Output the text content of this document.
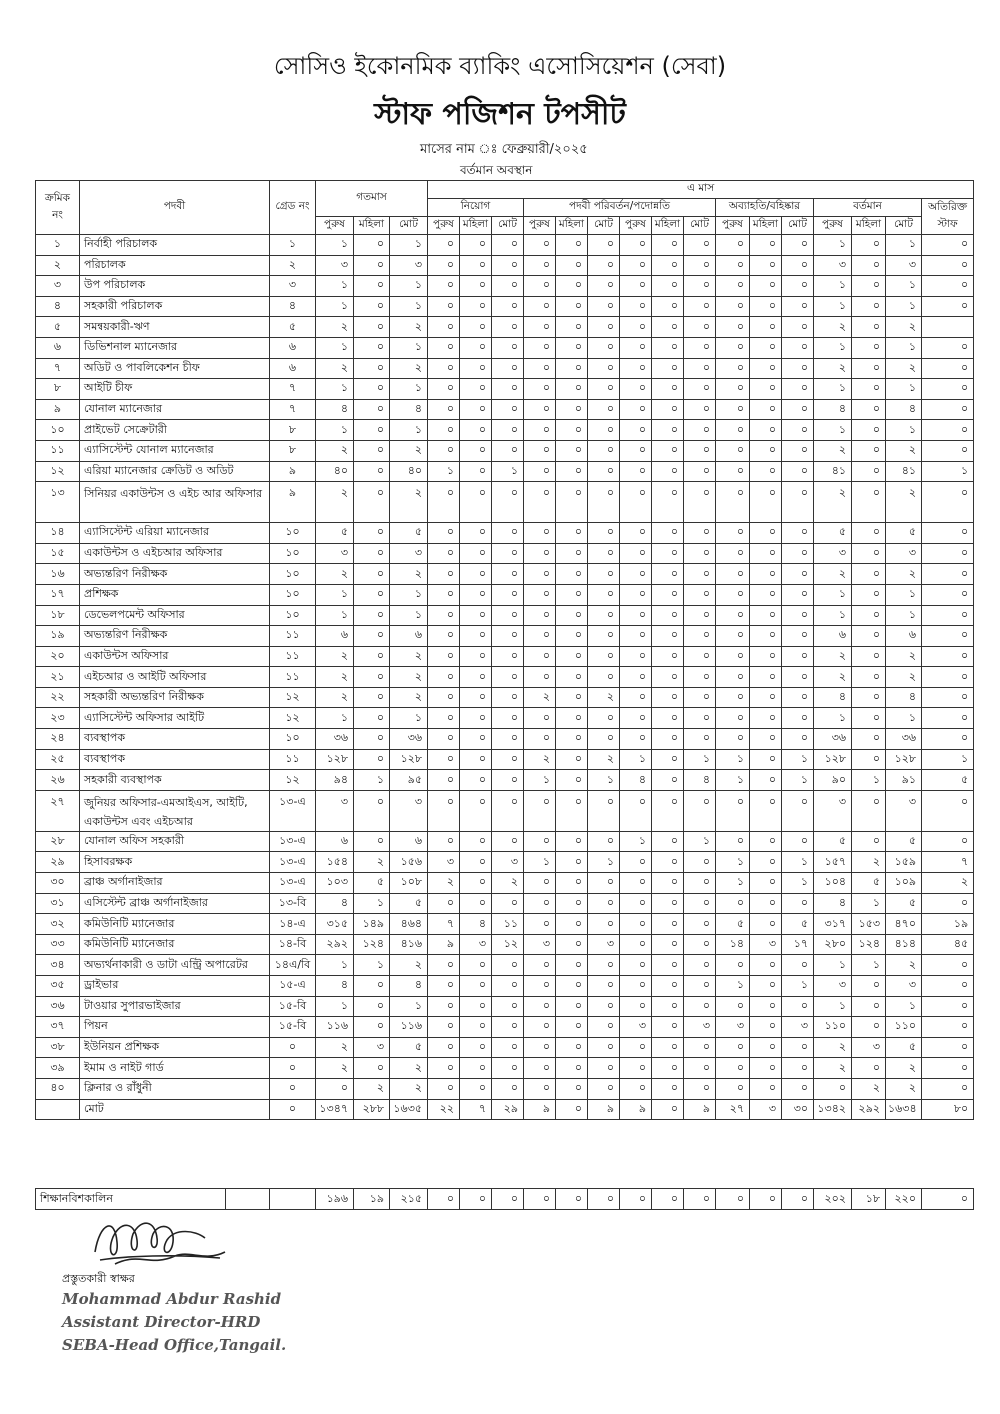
সোসিও ইকোনমিক ব্যাকিং এসোসিয়েশন (সেবা)
স্টাফ পজিশন টপসীট
মাসের নাম ঃ ফেব্রুয়ারী/২০২৫
বর্তমান অবস্থান
ক্রমিক নং	পদবী	গ্রেড নং	গতমাস			এ মাস															
						নিয়োগ			পদবী পরিবর্তন/পদোন্নতি						অব্যাহতি/বহিষ্কার			বর্তমান			অতিরিক্ত স্টাফ
			পুরুষ	মহিলা	মোট	পুরুষ	মহিলা	মোট	পুরুষ	মহিলা	মোট	পুরুষ	মহিলা	মোট	পুরুষ	মহিলা	মোট	পুরুষ	মহিলা	মোট	
১	নির্বাহী পরিচালক	১	১	০	১	০	০	০	০	০	০	০	০	০	০	০	০	১	০	১	০
২	পরিচালক	২	৩	০	৩	০	০	০	০	০	০	০	০	০	০	০	০	৩	০	৩	০
৩	উপ পরিচালক	৩	১	০	১	০	০	০	০	০	০	০	০	০	০	০	০	১	০	১	০
৪	সহকারী পরিচালক	৪	১	০	১	০	০	০	০	০	০	০	০	০	০	০	০	১	০	১	০
৫	সমন্বয়কারী-ঋণ	৫	২	০	২	০	০	০	০	০	০	০	০	০	০	০	০	২	০	২	
৬	ডিভিশনাল ম্যানেজার	৬	১	০	১	০	০	০	০	০	০	০	০	০	০	০	০	১	০	১	০
৭	অডিট ও পাবলিকেশন চীফ	৬	২	০	২	০	০	০	০	০	০	০	০	০	০	০	০	২	০	২	০
৮	আইটি চীফ	৭	১	০	১	০	০	০	০	০	০	০	০	০	০	০	০	১	০	১	০
৯	যোনাল ম্যানেজার	৭	৪	০	৪	০	০	০	০	০	০	০	০	০	০	০	০	৪	০	৪	০
১০	প্রাইভেট সেক্রেটারী	৮	১	০	১	০	০	০	০	০	০	০	০	০	০	০	০	১	০	১	০
১১	এ্যাসিস্টেন্ট যোনাল ম্যানেজার	৮	২	০	২	০	০	০	০	০	০	০	০	০	০	০	০	২	০	২	০
১২	এরিয়া ম্যানেজার ক্রেডিট ও অডিট	৯	৪০	০	৪০	১	০	১	০	০	০	০	০	০	০	০	০	৪১	০	৪১	১
১৩	সিনিয়র একাউন্টস ও এইচ আর অফিসার	৯	২	০	২	০	০	০	০	০	০	০	০	০	০	০	০	২	০	২	০
১৪	এ্যাসিস্টেন্ট এরিয়া ম্যানেজার	১০	৫	০	৫	০	০	০	০	০	০	০	০	০	০	০	০	৫	০	৫	০
১৫	একাউন্টস ও এইচআর অফিসার	১০	৩	০	৩	০	০	০	০	০	০	০	০	০	০	০	০	৩	০	৩	০
১৬	অভ্যন্তরিণ নিরীক্ষক	১০	২	০	২	০	০	০	০	০	০	০	০	০	০	০	০	২	০	২	০
১৭	প্রশিক্ষক	১০	১	০	১	০	০	০	০	০	০	০	০	০	০	০	০	১	০	১	০
১৮	ডেভেলপমেন্ট অফিসার	১০	১	০	১	০	০	০	০	০	০	০	০	০	০	০	০	১	০	১	০
১৯	অভ্যন্তরিণ নিরীক্ষক	১১	৬	০	৬	০	০	০	০	০	০	০	০	০	০	০	০	৬	০	৬	০
২০	একাউন্টস অফিসার	১১	২	০	২	০	০	০	০	০	০	০	০	০	০	০	০	২	০	২	০
২১	এইচআর ও আইটি অফিসার	১১	২	০	২	০	০	০	০	০	০	০	০	০	০	০	০	২	০	২	০
২২	সহকারী অভ্যন্তরিণ নিরীক্ষক	১২	২	০	২	০	০	০	২	০	২	০	০	০	০	০	০	৪	০	৪	০
২৩	এ্যাসিস্টেন্ট অফিসার আইটি	১২	১	০	১	০	০	০	০	০	০	০	০	০	০	০	০	১	০	১	০
২৪	ব্যবস্থাপক	১০	৩৬	০	৩৬	০	০	০	০	০	০	০	০	০	০	০	০	৩৬	০	৩৬	০
২৫	ব্যবস্থাপক	১১	১২৮	০	১২৮	০	০	০	২	০	২	১	০	১	১	০	১	১২৮	০	১২৮	১
২৬	সহকারী ব্যবস্থাপক	১২	৯৪	১	৯৫	০	০	০	১	০	১	৪	০	৪	১	০	১	৯০	১	৯১	৫
২৭	জুনিয়র অফিসার-এমআইএস, আইটি, একাউন্টস এবং এইচআর	১৩-এ	৩	০	৩	০	০	০	০	০	০	০	০	০	০	০	০	৩	০	৩	০
২৮	যোনাল অফিস সহকারী	১৩-এ	৬	০	৬	০	০	০	০	০	০	১	০	১	০	০	০	৫	০	৫	০
২৯	হিসাবরক্ষক	১৩-এ	১৫৪	২	১৫৬	৩	০	৩	১	০	১	০	০	০	১	০	১	১৫৭	২	১৫৯	৭
৩০	ব্রাঞ্চ অর্গানাইজার	১৩-এ	১০৩	৫	১০৮	২	০	২	০	০	০	০	০	০	১	০	১	১০৪	৫	১০৯	২
৩১	এসিস্টেন্ট ব্রাঞ্চ অর্গানাইজার	১৩-বি	৪	১	৫	০	০	০	০	০	০	০	০	০	০	০	০	৪	১	৫	০
৩২	কমিউনিটি ম্যানেজার	১৪-এ	৩১৫	১৪৯	৪৬৪	৭	৪	১১	০	০	০	০	০	০	৫	০	৫	৩১৭	১৫৩	৪৭০	১৯
৩৩	কমিউনিটি ম্যানেজার	১৪-বি	২৯২	১২৪	৪১৬	৯	৩	১২	৩	০	৩	০	০	০	১৪	৩	১৭	২৮০	১২৪	৪১৪	৪৫
৩৪	অভ্যর্থনাকারী ও ডাটা এন্ট্রি অপারেটর	১৪এ/বি	১	১	২	০	০	০	০	০	০	০	০	০	০	০	০	১	১	২	০
৩৫	ড্রাইভার	১৫-এ	৪	০	৪	০	০	০	০	০	০	০	০	০	১	০	১	৩	০	৩	০
৩৬	টাওয়ার সুপারভাইজার	১৫-বি	১	০	১	০	০	০	০	০	০	০	০	০	০	০	০	১	০	১	০
৩৭	পিয়ন	১৫-বি	১১৬	০	১১৬	০	০	০	০	০	০	৩	০	৩	৩	০	৩	১১০	০	১১০	০
৩৮	ইউনিয়ন প্রশিক্ষক	০	২	৩	৫	০	০	০	০	০	০	০	০	০	০	০	০	২	৩	৫	০
৩৯	ইমাম ও নাইট গার্ড	০	২	০	২	০	০	০	০	০	০	০	০	০	০	০	০	২	০	২	০
৪০	ক্লিনার ও রাঁধুনী	০	০	২	২	০	০	০	০	০	০	০	০	০	০	০	০	০	২	২	০
	মোট	০	১৩৪৭	২৮৮	১৬৩৫	২২	৭	২৯	৯	০	৯	৯	০	৯	২৭	৩	৩০	১৩৪২	২৯২	১৬৩৪	৮০
শিক্ষানবিশকালিন			১৯৬	১৯	২১৫	০	০	০	০	০	০	০	০	০	০	০	০	২০২	১৮	২২০	০
প্রস্তুতকারী স্বাক্ষর
Mohammad Abdur Rashid
Assistant Director-HRD
SEBA-Head Office,Tangail.
